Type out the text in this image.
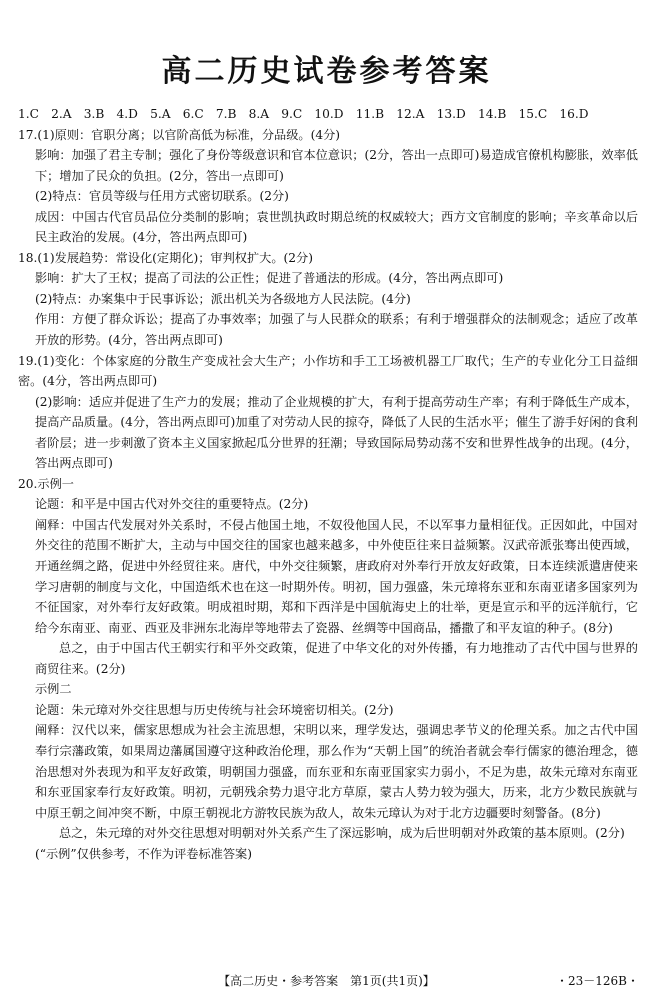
高二历史试卷参考答案

1.C　2.A　3.B　4.D　5.A　6.C　7.B　8.A　9.C　10.D　11.B　12.A　13.D　14.B　15.C　16.D

17.(1)原则：官职分离；以官阶高低为标准，分品级。(4分)

影响：加强了君主专制；强化了身份等级意识和官本位意识；(2分，答出一点即可)易造成官僚机构膨胀，效率低下；增加了民众的负担。(2分，答出一点即可)

(2)特点：官员等级与任用方式密切联系。(2分)

成因：中国古代官员品位分类制的影响；袁世凯执政时期总统的权威较大；西方文官制度的影响；辛亥革命以后民主政治的发展。(4分，答出两点即可)

18.(1)发展趋势：常设化(定期化)；审判权扩大。(2分)

影响：扩大了王权；提高了司法的公正性；促进了普通法的形成。(4分，答出两点即可)

(2)特点：办案集中于民事诉讼；派出机关为各级地方人民法院。(4分)

作用：方便了群众诉讼；提高了办事效率；加强了与人民群众的联系；有利于增强群众的法制观念；适应了改革开放的形势。(4分，答出两点即可)

19.(1)变化：个体家庭的分散生产变成社会大生产；小作坊和手工工场被机器工厂取代；生产的专业化分工日益细密。(4分，答出两点即可)

(2)影响：适应并促进了生产力的发展；推动了企业规模的扩大，有利于提高劳动生产率；有利于降低生产成本，提高产品质量。(4分，答出两点即可)加重了对劳动人民的掠夺，降低了人民的生活水平；催生了游手好闲的食利者阶层；进一步刺激了资本主义国家掀起瓜分世界的狂潮；导致国际局势动荡不安和世界性战争的出现。(4分，答出两点即可)

20.示例一

论题：和平是中国古代对外交往的重要特点。(2分)

阐释：中国古代发展对外关系时，不侵占他国土地，不奴役他国人民，不以军事力量相征伐。正因如此，中国对外交往的范围不断扩大，主动与中国交往的国家也越来越多，中外使臣往来日益频繁。汉武帝派张骞出使西域，开通丝绸之路，促进中外经贸往来。唐代，中外交往频繁，唐政府对外奉行开放友好政策，日本连续派遣唐使来学习唐朝的制度与文化，中国造纸术也在这一时期外传。明初，国力强盛，朱元璋将东亚和东南亚诸多国家列为不征国家，对外奉行友好政策。明成祖时期，郑和下西洋是中国航海史上的壮举，更是宣示和平的远洋航行，它给今东南亚、南亚、西亚及非洲东北海岸等地带去了瓷器、丝绸等中国商品，播撒了和平友谊的种子。(8分)

总之，由于中国古代王朝实行和平外交政策，促进了中华文化的对外传播，有力地推动了古代中国与世界的商贸往来。(2分)

示例二

论题：朱元璋对外交往思想与历史传统与社会环境密切相关。(2分)

阐释：汉代以来，儒家思想成为社会主流思想，宋明以来，理学发达，强调忠孝节义的伦理关系。加之古代中国奉行宗藩政策，如果周边藩属国遵守这种政治伦理，那么作为“天朝上国”的统治者就会奉行儒家的德治理念，德治思想对外表现为和平友好政策，明朝国力强盛，而东亚和东南亚国家实力弱小，不足为患，故朱元璋对东南亚和东亚国家奉行友好政策。明初，元朝残余势力退守北方草原，蒙古人势力较为强大，历来，北方少数民族就与中原王朝之间冲突不断，中原王朝视北方游牧民族为敌人，故朱元璋认为对于北方边疆要时刻警备。(8分)

总之，朱元璋的对外交往思想对明朝对外关系产生了深远影响，成为后世明朝对外政策的基本原则。(2分)

(“示例”仅供参考，不作为评卷标准答案)

【高二历史・参考答案　第1页(共1页)】	・23－126B・
